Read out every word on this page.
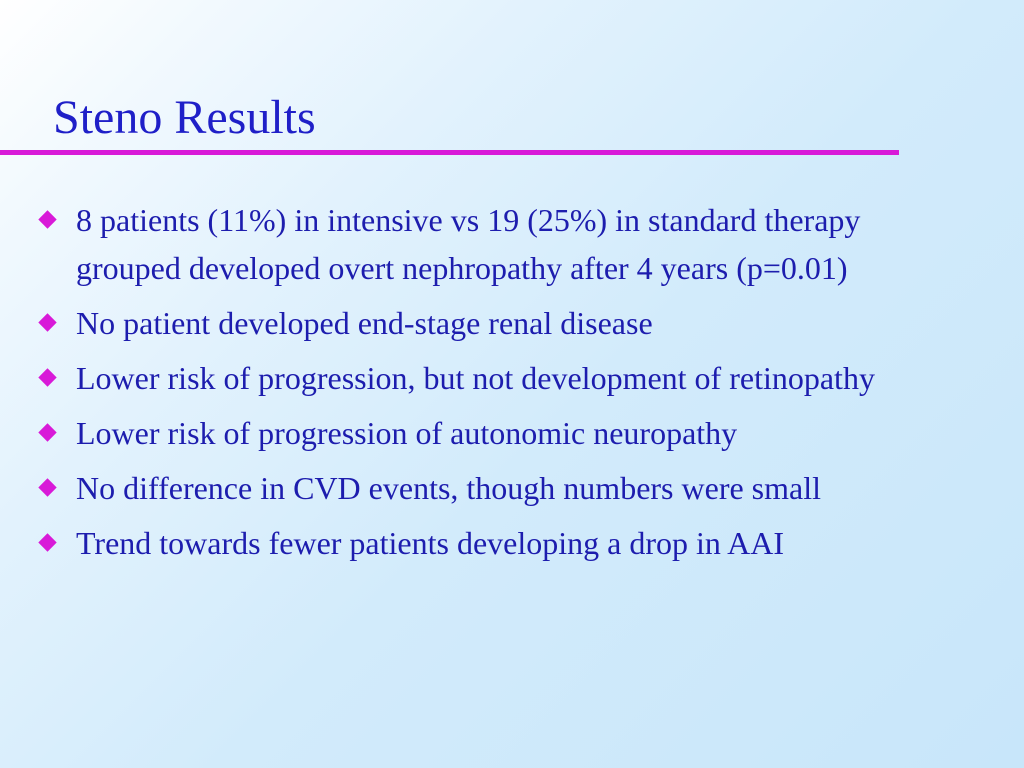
Steno Results
8 patients (11%) in intensive vs 19 (25%) in standard therapy grouped developed overt nephropathy after 4 years (p=0.01)
No patient developed end-stage renal disease
Lower risk of progression, but not development of retinopathy
Lower risk of progression of autonomic neuropathy
No difference in CVD events, though numbers were small
Trend towards fewer patients developing a drop in AAI
